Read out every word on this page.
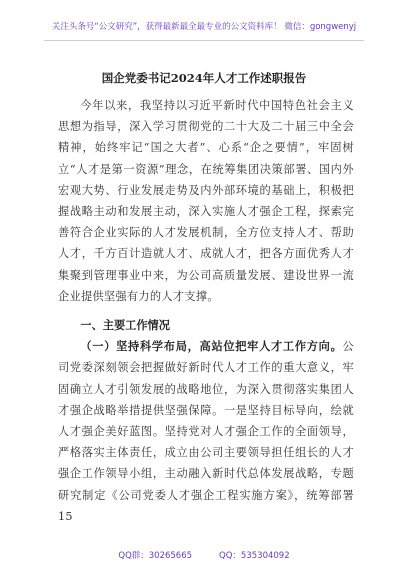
关注头条号“公文研究”，获得最新最全最专业的公文资料库！ 微信：gongwenyj
国企党委书记2024年人才工作述职报告

今年以来，我坚持以习近平新时代中国特色社会主义思想为指导，深入学习贯彻党的二十大及二十届三中全会精神，始终牢记“国之大者”、心系“企之要情”，牢固树立“人才是第一资源”理念，在统筹集团决策部署、国内外宏观大势、行业发展走势及内外部环境的基础上，积极把握战略主动和发展主动，深入实施人才强企工程，探索完善符合企业实际的人才发展机制，全方位支持人才、帮助人才，千方百计造就人才、成就人才，把各方面优秀人才集聚到管理事业中来，为公司高质量发展、建设世界一流企业提供坚强有力的人才支撑。

一、主要工作情况

（一）坚持科学布局，高站位把牢人才工作方向。公司党委深刻领会把握做好新时代人才工作的重大意义，牢固确立人才引领发展的战略地位，为深入贯彻落实集团人才强企战略举措提供坚强保障。一是坚持目标导向，绘就人才强企美好蓝图。坚持党对人才强企工作的全面领导，严格落实主体责任，成立由公司主要领导担任组长的人才强企工作领导小组，主动融入新时代总体发展战略，专题研究制定《公司党委人才强企工程实施方案》，统筹部署15

QQ群：30265665          QQ：535304092
